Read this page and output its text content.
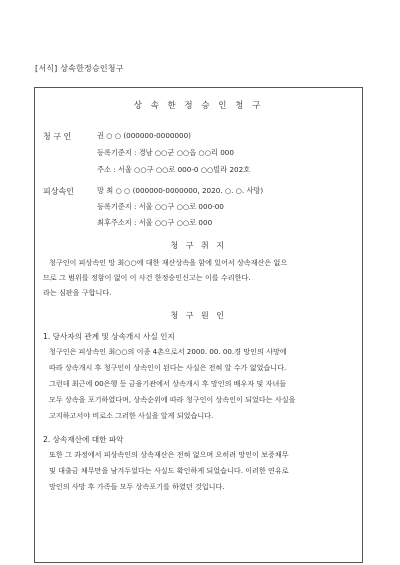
[서식] 상속한정승인청구
상 속 한 정 승 인 청 구
청 구 인	권 ○ ○ (000000-0000000)
등록기준지 : 경남 ○○군 ○○읍 ○○리 000
주소 : 서울 ○○구 ○○로 000-0 ○○빌라 202호
피상속인	망 최 ○ ○ (000000-0000000, 2020. ○. ○. 사망)
등록기준지 : 서울 ○○구 ○○로 000-00
최후주소지 : 서울 ○○구 ○○로 000
청 구 취 지
청구인이 피상속인 망 최○○에 대한 재산상속을 함에 있어서 상속재산은 없으
므로 그 범위를 정함이 없이 이 사건 한정승인신고는 이를 수리한다.
라는 심판을 구합니다.
청 구 원 인
1. 당사자의 관계 및 상속개시 사실 인지
청구인은 피상속인 최○○의 이종 4촌으로서 2000. 00. 00.경 망인의 사망에
따라 상속개시 후 청구인이 상속인이 된다는 사실은 전혀 알 수가 없었습니다.
그런데 최근에 00은행 등 금융기관에서 상속개시 후 망인의 배우자 및 자녀들
모두 상속을 포기하였다며, 상속순위에 따라 청구인이 상속인이 되었다는 사실을
고지하고서야 비로소 그러한 사실을 알게 되었습니다.
2. 상속재산에 대한 파악
또한 그 과정에서 피상속인의 상속재산은 전혀 없으며 오히려 망인이 보증채무
및 대출금 채무만을 남겨두었다는 사실도 확인하게 되었습니다. 이러한 연유로
망인의 사망 후 가족들 모두 상속포기를 하였던 것입니다.
